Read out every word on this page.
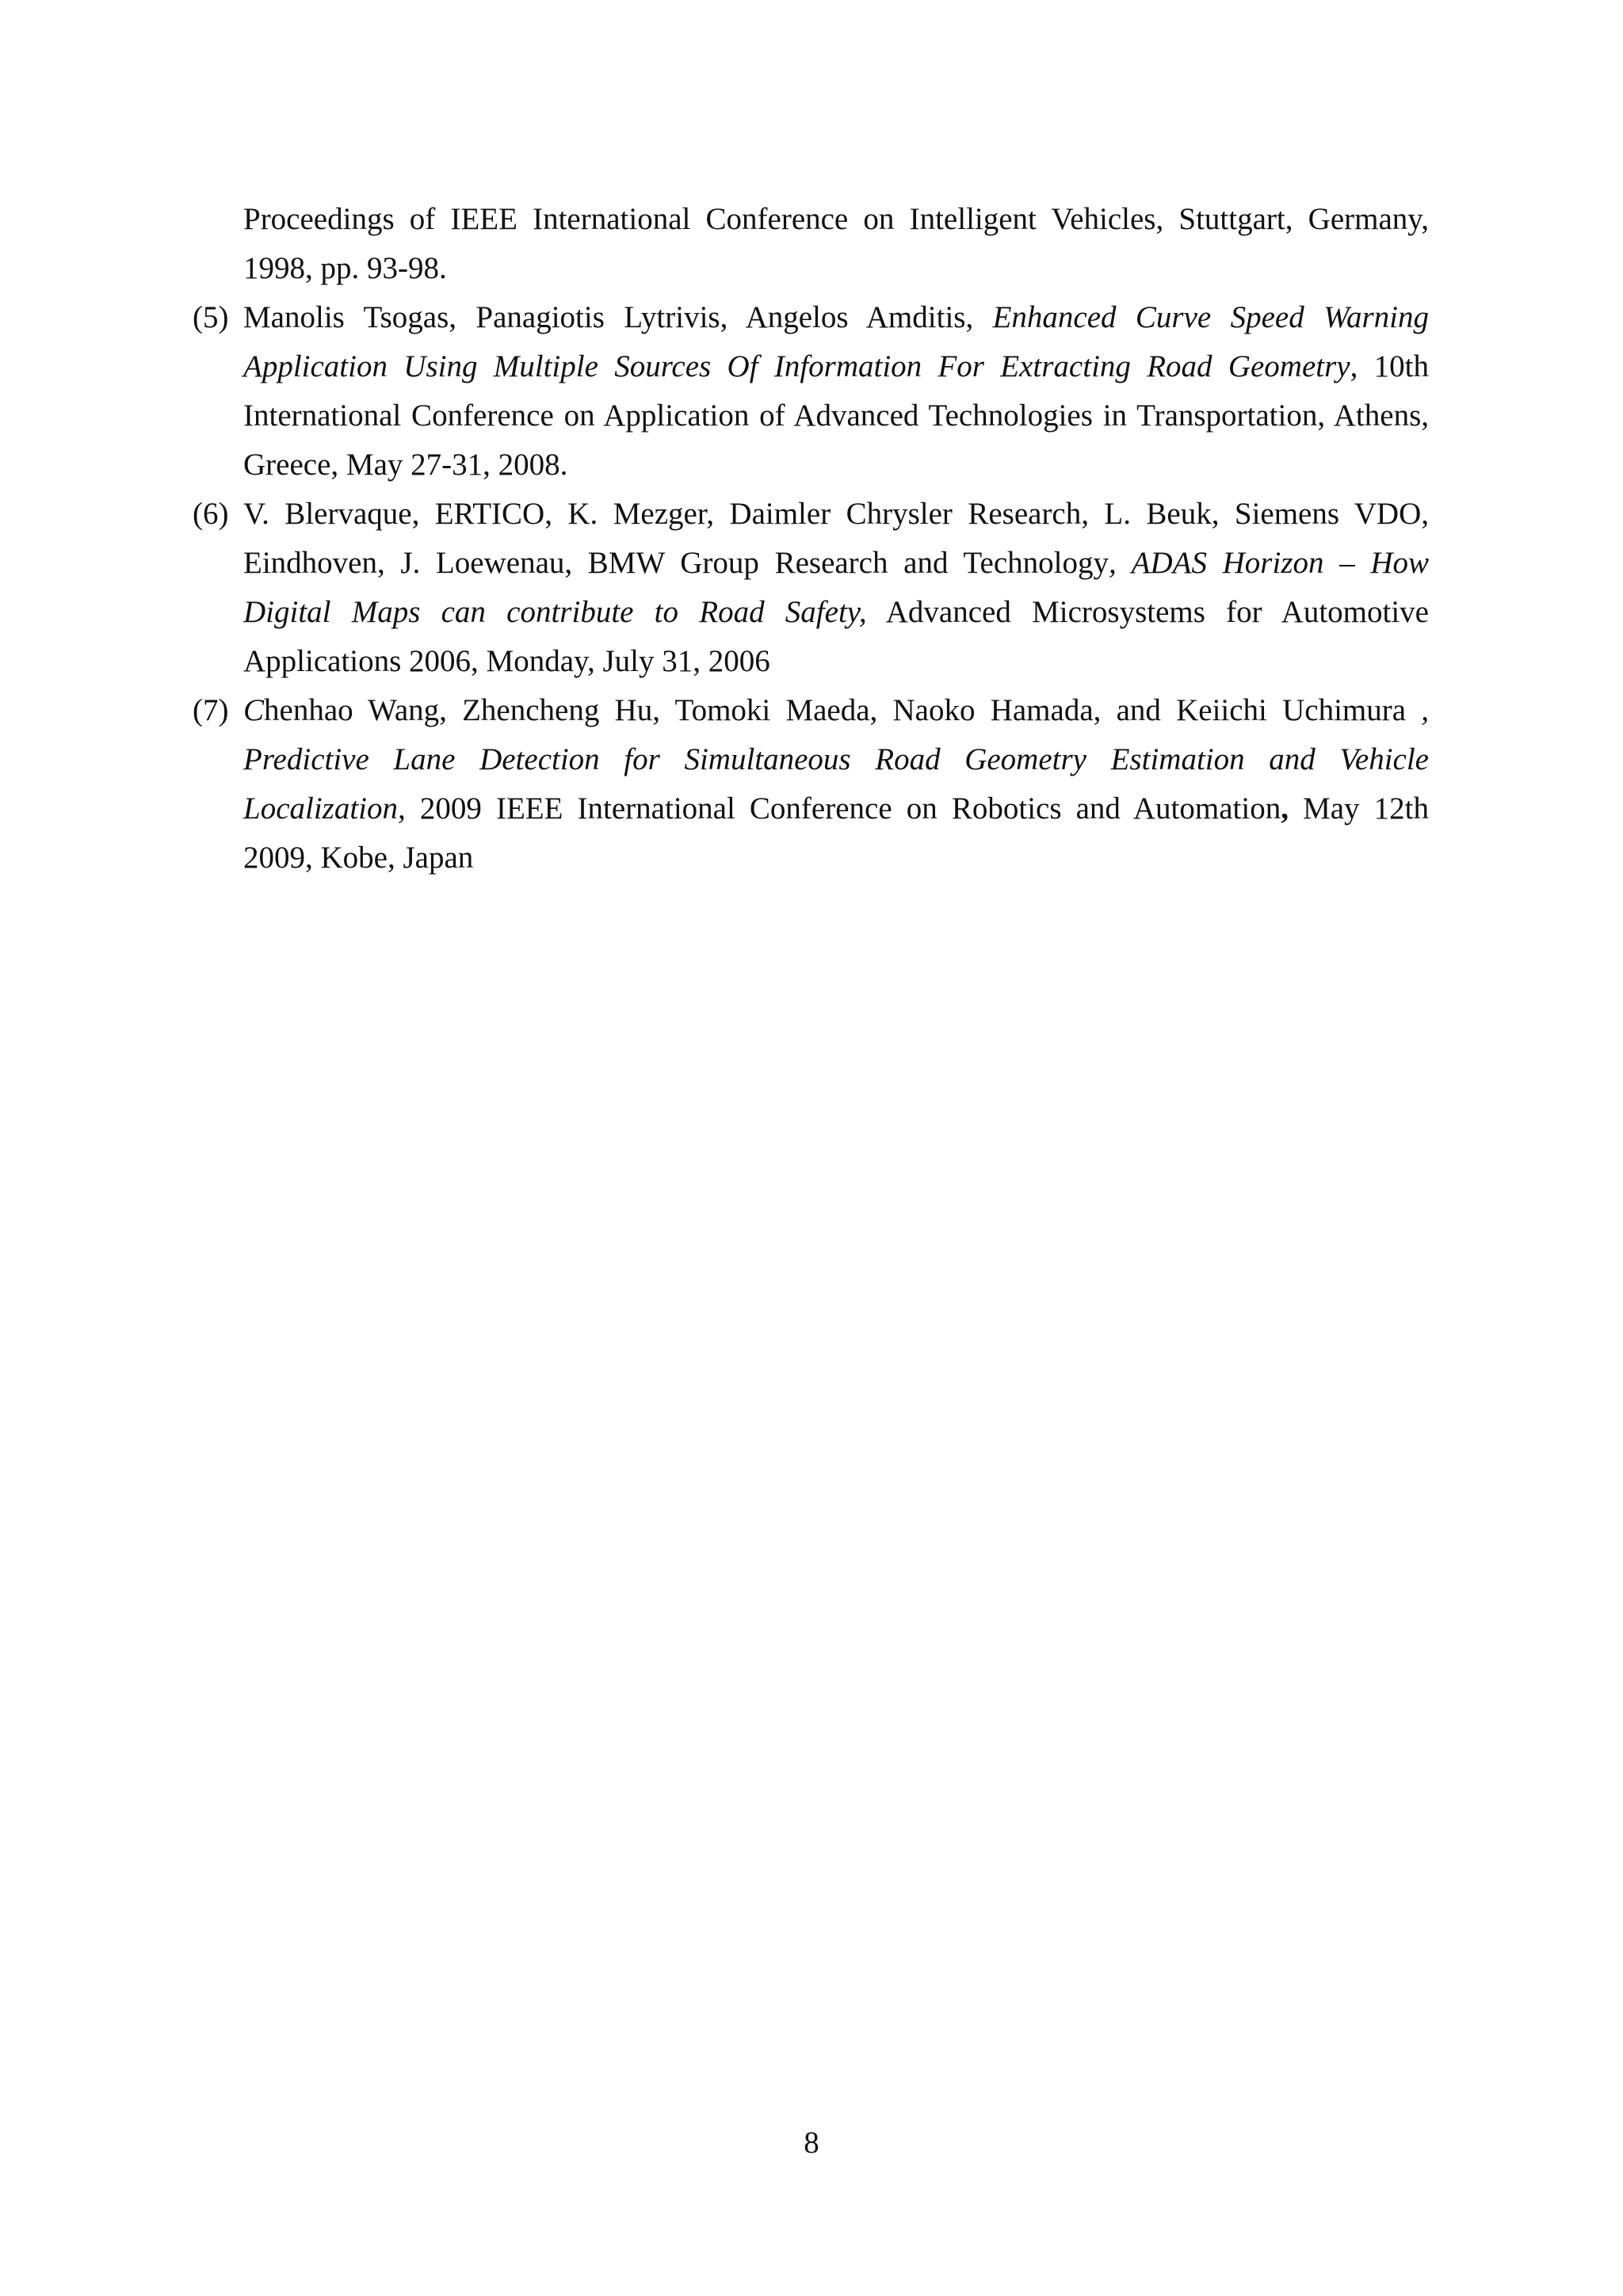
Proceedings of IEEE International Conference on Intelligent Vehicles, Stuttgart, Germany, 1998, pp. 93-98.
(5) Manolis Tsogas, Panagiotis Lytrivis, Angelos Amditis, Enhanced Curve Speed Warning Application Using Multiple Sources Of Information For Extracting Road Geometry, 10th International Conference on Application of Advanced Technologies in Transportation, Athens, Greece, May 27-31, 2008.
(6) V. Blervaque, ERTICO, K. Mezger, Daimler Chrysler Research, L. Beuk, Siemens VDO, Eindhoven, J. Loewenau, BMW Group Research and Technology, ADAS Horizon – How Digital Maps can contribute to Road Safety, Advanced Microsystems for Automotive Applications 2006, Monday, July 31, 2006
(7) Chenhao Wang, Zhencheng Hu, Tomoki Maeda, Naoko Hamada, and Keiichi Uchimura , Predictive Lane Detection for Simultaneous Road Geometry Estimation and Vehicle Localization, 2009 IEEE International Conference on Robotics and Automation, May 12th 2009, Kobe, Japan
8
